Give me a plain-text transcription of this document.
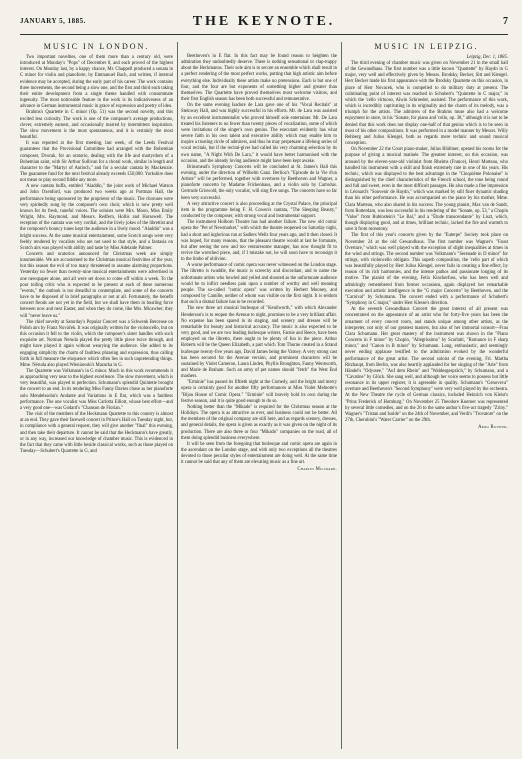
JANUARY 5, 1885.	THE KEYNOTE.	7
MUSIC IN LONDON.

Two important novelties, one of them more than a century old, were introduced at Monday's "Pops" of December 8, and each proved of the highest interest. On Monday last, by a happy chance, Mr. Chappell produced a sonata in C minor for violin and pianoforte, by Emmanuel Bach, and written, if internal evidence may be accepted, during the early part of his career. The work contains three movements, the second being a slow one, and the first and third each taking their entire development from a single theme handled with consummate ingenuity. The most noticeable feature in the work is its indicativeness of an advance in German instrumental music in grace of expression and poetry of idea.

Brahms's Quartette in C minor (Op. 51) was the second novelty, and this excited less curiosity. The work is one of the composer's average productions, clever, extremely earnest, and occasionally marred by intermittent inspiration. The slow movement is the most spontaneous, and it is certainly the most beautiful.

It was reported at the first meeting, last week, of the Leeds Festival guarantees that the Provisional Committee had arranged with the Bohemian composer, Dvorak, for an oratorio, dealing with the life and martyrdom of a Bohemian saint, with Sir Arthur Sullivan for a choral work, similar in length and character to the "Martyr of Antioch," and for a secular cantata by Mackenzie. The guarantee fund for the next festival already exceeds £50,000. Yorkshire does not mean to play second fiddle any more.

A new cantata buffa, entitled "Aladdin," the joint work of Michael Watson and John Oxenford, was produced two weeks ago at Portman Hall, the performance being sponsored by the proprietor of the music. The choruses were very spiritedly sung by the composer's own choir, which is now pretty well known for its fresh, tuneful voices. The soloists were Mrs. Moon, Miss Emily Wright, Mrs. Raymond, and Messrs. Redfern, Hollis and Horsewell. The reception of the cantata was very cordial, and the lively jokes of the librettist and the composer's bouncy tunes kept the audience in a lively mood. "Aladdin" was a bright success. At the same musical entertainment, some Scotch songs were very feebly rendered by vocalists who are not used to that style, and a fantasia on Scotch airs was played with ability and taste by Miss Adelaide Palmer.

Concerts and oratorios announced for Christmas week are simply innumerable. We are accustomed to the Christmas musical festivities of the year, but this season the evil of too many threatened to assume alarming proportions. Yesterday no fewer than twenty-nine musical entertainments were advertised in one newspaper alone, and all were set down to come off within a week. To the poor toiling critic who is expected to be present at each of these numerous "events," the outlook is too dreadful to contemplate, and some of the concerts have to be disposed of in brief paragraphs or not at all. Fortunately, the benefit concert fiends are not yet in the field, but we shall have them in bustling force between now and next Easter, and when they do come, like Mrs. Micawber, they will "never leave us."

The chief novelty at Saturday's Popular Concert was a Schwenk Berceuse on Polish airs by Franz Nováček. It was originally written for the violoncello, but on this occasion it fell to the violin, which the composer's sister handles with such exquisite art. Norman Neruda played the pretty little piece twice through, and might have played it again without wearying the audience. She added to its engaging simplicity the charm of faultless phrasing and expression, thus calling forth in full measure the eloquence which often lies in such unpretending things. Mme. Néruda also played Wieniawski's Mazurka in G.

The Quartette was Volkmann's in G minor. Much in this work recommends it as approaching very near to the highest excellence. The slow movement, which is very beautiful, was played to perfection. Schumann's splendid Quintette brought the concert to an end. In its rendering Miss Fanny Davies chose as her pianoforte solo Mendelssohn's Andante and Variations in E flat, which was a faultless performance. The one vocalist was Miss Carlotta Elliott, whose best effort—and a very good one—was Godard's "Chanson de Florian."

The visit of the members of the Heckmann Quartette to this country is almost at an end. They gave their farewell concert in Prince's Hall on Tuesday night, but, in compliance with a general request, they will give another "final" this evening, and then take their departure. It cannot be said that the Heckmann's have greatly, or in any way, increased our knowledge of chamber music. This is evidenced in the fact that they came with little beside classical works, such as those played on Tuesday—Schubert's Quartette in G, and

Beethoven's in E flat. In this fact may be found reason to heighten the admiration they undoubtedly deserve. There is nothing sensational or clap-trappy about the Heckmanns. Their sole aim is to secure an ensemble which shall result in a perfect rendering of the most perfect works, putting that high artistic aim before everything else. Individually these artists make no pretensions. Each is but one of four, and the four are but exponents of something higher and greater than themselves. The Quartette have proved themselves most welcome visitors, and their first English season has been both successful and remunerative.

On the same evening Isadore de Lara gave one of his "Vocal Recitals" at Steinway Hall, and was highly successful in his efforts. Mr. de Lara was assisted by an excellent instrumentalist who proved himself sole entertainer. Mr. De Lara treated his listeners to no fewer than twenty pieces of vocalization, some of which were invitations of the singer's own genius. The executant evidently has what severe faith in his own talent and executive ability which may enable him to inspire a trusting circle of admirers, and thus he may perpetuate a lifelong series of vocal recitals, but if the recital-giver had called his very charming selection by its own name, "A Night With De Lara," it would have better harmonised with the occasion, and the already loving audience might have been kept awake.

Brinsmead's Symphony Concerts will be concluded at St. James's Hall this evening, under the direction of Wilhelm Ganz. Berlioz's "Episode de la Vie d'un Artiste" will be performed, together with overtures by Beethoven and Wagner, a pianoforte concerto by Madame Frickenhaus, and a violin solo by Carrodus. Gertrude Griswold, the only vocalist, will sing five songs. The concerts have so far been very successful.

A very attractive concert is also proceeding at the Crystal Palace, the principal item in the programme being F. H. Cowen's cantata, "The Sleeping Beauty," conducted by the composer, with strong vocal and instrumental support.

The instrument Holborn Theatre has had another failure. The new old comic opera the "Pet of Newmarket," with which the theatre reopened on Saturday night, had a short and inglorious run at Sadlers Wells four years ago, and it then closed. It was hoped, for many reasons, that the pleasant theatre would at last be fortunate, but after seeing the new and too venturesome manager, has now thought fit to revive the wretched piece, and, if I mistake not, he will soon have to reconsign it to the limbo of oblivion.

A worse performance of comic opera was never witnessed on the London stage. The libretto is twaddle, the music is screechy and discordant, and to name the unfortunate artists who howled and yelled and shouted as the unfortunate audience would be to inflict needless pain upon a number of worthy and well meaning people. The so-called "comic opera" was written by Herbert Mooney, and composed by Camille, neither of whom was visible on the first night. It is seldom that such a dismal failure has to be recorded.

The new three act musical burlesque of "Kenilworth," with which Alexander Henderson's is to reopen the Avenue to night, promises to be a very brilliant affair. No expense has been spared in its staging, and scenery and dresses will be remarkable for beauty and historical accuracy. The music is also expected to be very good, and we are two leading burlesque writers, Farnie and Reece, have been employed on the libretto, there ought to be plenty of fun in the piece. Arthur Roberts will be the Queen Elizabeth, a part which Tom Thorne created in a Strand burlesque twenty-five years ago, David James being the Varney. A very strong cast has been secured for the Avenue version, and prominent characters will be sustained by Violet Cameron, Laura Linden, Phyllis Broughton, Fanny Wentworth, and Marie de Braham. Such an army of pet names should "fetch" the West End mashers.

"Erminie" has passed its fiftieth night at the Comedy, and the bright and merry opera is certainly good for another fifty performances at Miss Violet Melnotte's "Bijou House of Comic Opera." "Erminie" will bravely hold its own during the festive season, and it is quite good enough to do so.

Nothing better than the "Mikado" is required for the Christmas season at the Holidays. The opera is as attractive as ever, and business could not be better. All the members of the original company are still here, and as regards scenery, dresses, and general details, the opera is given as exactly as it was given on the night of its production. There are also three or four "Mikado" companies on the road, all of them doing splendid business everywhere.

It will be seen from the foregoing that burlesque and comic opera are again in the ascendant on the London stage, and with only two exceptions all the theatres devoted to those peculiar styles of entertainment are doing well. At the same time it cannot be said that any of them are elevating music as a fine art.

Charles Millward.
MUSIC IN LEIPZIG.
Leipzig, Dec. 1, 1885.

The third evening of chamber music was given on November 21 in the small hall of the Gewandhaus. The first number was a little known "Quartette" by Haydn in G major, very well and effectively given by Messrs. Brodsky, Becker, Sitt and Klengel. Herr Becker made his first appearance with the Brodsky Quartette on this occasion, in place of Herr Novacek, who is compelled to do military duty at present. The culminating point of interest was reached in Schubert's "Quintette in C major," in which the 'cello virtuoso, Alwin Schroeder, assisted. The performance of this work, which is incredibly captivating in its originality and the charm of its melody, was a triumph for the artists. The admirers of the Brahms muse also had a welcome enjoyment in store, in his "Sonate, for piano and 'cello, op. 38," although it is not to be denied that this work does not display one-half of that genius which is to be seen in most of his other compositions. It was performed in a model manner by Messrs. Willy Rehberg and Julius Klengel, both as regards mere technic and sound musical conception.

On November 22 the Court piano-maker, Julius Blüthner, opened his rooms for the purpose of giving a musical matinée. The greatest interest, on this occasion, was aroused by the eleven-year-old violinist from Rheims (France), Henri Marteau, who handled his instrument with a skill and finish extremely rare in one of his years. His technic, which was displayed to the best advantage in the "Cinquième Polonaise" is distinguished by the chief characteristics of the French school, the tone being round and full and sweet, even in the most difficult passages. He also made a fine impression in Léonard's "Souvenir de Haydn," which was marked by still finer dynamic shading than his other performance. He was accompanied on the piano by his mother, Mme. Clara Marteau, who also shared in his success. The young pianist, Max van de Sandt, from Rotterdam, was less successful in his rendering of the "Sonate, op. 53," a Chopin "Valse" from Rubinstein's "Le Bal," and a "Étude transcendante" by Liszt, which, though displaying good, and at times, brilliant technic, lacked the fire and warmth to save it from monotony.

The first of this year's concerts given by the "Euterpe" Society took place on November 24 at the old Gewandhaus. The first number was Wagner's "Faust Overture," which was well played with the exception of slight inequalities at times in the wind and strings. The second number was Volkmann's "Serenade in D minor" for strings, with violoncello obligato. This superb composition, the 'cello part of which was beautifully played by Herr Julius Klengel, never fails in creating a fine effect, by reason of its rich harmonies, and the intense pathos and passionate longing of its motive. The pianist of the evening, Felix Kinckerfuss, who has been well and admiringly remembered from former occasions, again displayed her remarkable execution and artistic intelligence in the "G major Concerto" by Beethoven, and the "Carnival" by Schumann. The concert ended with a performance of Schubert's "Symphony in C major," under Herr Klesse's direction.

At the seventh Gewandhaus Concert the great interest of all present was concentrated on the appearance of an artist who for forty-five years has been the ornament of every concert room, and stands unique among other artists, as the interpreter, not only of our greatest masters, but also of her immortal consort—Frau Clara Schumann. Her great mastery of the instrument was shown in the "Piano Concerto in F minor" by Chopin, "Allegrissimo" by Scarlatti, "Romance in F sharp minor," and "Canon in B minor" by Schumann. Long, enthusiastic, and seemingly never ending applause testified to the admiration evoked by the wonderful performance of the great artist. The second soloist of the evening, Frl. Martha Ritzhaupt, from Berlin, was also heartily applauded for her singing of the "Arie" from Händel's "Odyssee," "Auf dem Rhein" and "Waldesgespräch," by Schumann, and a "Cavatine" by Glück. She sang well, and although her voice seems to possess but little resonance in its upper register, it is agreeable in quality. Schumann's "Genoveva" overture and Beethoven's "Second Symphony" were very well played by the orchestra. At the New Theatre the cycle of German classics, included Heinrich von Kleist's "Prinz Frederick of Homburg." On November 25 Theodore Koerner was represented by several little comedies, and on the 26 to the same author's five-act tragedy "Zriny." Wagner's "Tristan and Isolde" on the 24th of November, and Verdi's "Trovatore" on the 27th, Cherubini's "Water Carrier" on the 29th.

Arno Richter.
